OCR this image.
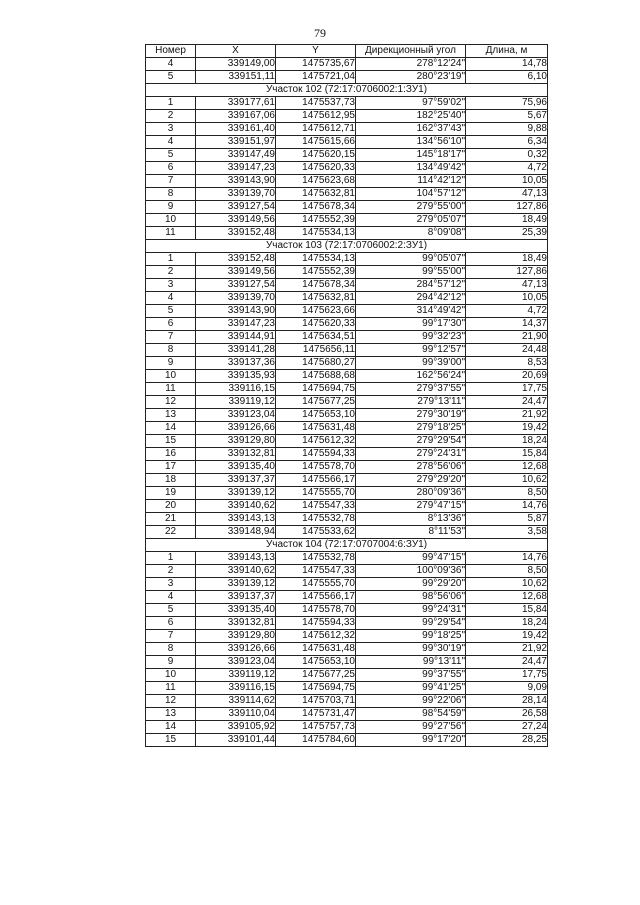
79
Номер	X	Y	Дирекционный угол	Длина, м
4	339149,00	1475735,67	278°12'24"	14,78
5	339151,11	1475721,04	280°23'19"	6,10
Участок 102 (72:17:0706002:1:ЗУ1)				
1	339177,61	1475537,73	97°59'02"	75,96
2	339167,06	1475612,95	182°25'40"	5,67
3	339161,40	1475612,71	162°37'43"	9,88
4	339151,97	1475615,66	134°56'10"	6,34
5	339147,49	1475620,15	145°18'17"	0,32
6	339147,23	1475620,33	134°49'42"	4,72
7	339143,90	1475623,68	114°42'12"	10,05
8	339139,70	1475632,81	104°57'12"	47,13
9	339127,54	1475678,34	279°55'00"	127,86
10	339149,56	1475552,39	279°05'07"	18,49
11	339152,48	1475534,13	8°09'08"	25,39
Участок 103 (72:17:0706002:2:ЗУ1)				
1	339152,48	1475534,13	99°05'07"	18,49
2	339149,56	1475552,39	99°55'00"	127,86
3	339127,54	1475678,34	284°57'12"	47,13
4	339139,70	1475632,81	294°42'12"	10,05
5	339143,90	1475623,66	314°49'42"	4,72
6	339147,23	1475620,33	99°17'30"	14,37
7	339144,91	1475634,51	99°32'23"	21,90
8	339141,28	1475656,11	99°12'57"	24,48
9	339137,36	1475680,27	99°39'00"	8,53
10	339135,93	1475688,68	162°56'24"	20,69
11	339116,15	1475694,75	279°37'55"	17,75
12	339119,12	1475677,25	279°13'11"	24,47
13	339123,04	1475653,10	279°30'19"	21,92
14	339126,66	1475631,48	279°18'25"	19,42
15	339129,80	1475612,32	279°29'54"	18,24
16	339132,81	1475594,33	279°24'31"	15,84
17	339135,40	1475578,70	278°56'06"	12,68
18	339137,37	1475566,17	279°29'20"	10,62
19	339139,12	1475555,70	280°09'36"	8,50
20	339140,62	1475547,33	279°47'15"	14,76
21	339143,13	1475532,78	8°13'36"	5,87
22	339148,94	1475533,62	8°11'53"	3,58
Участок 104 (72:17:0707004:6:ЗУ1)				
1	339143,13	1475532,78	99°47'15"	14,76
2	339140,62	1475547,33	100°09'36"	8,50
3	339139,12	1475555,70	99°29'20"	10,62
4	339137,37	1475566,17	98°56'06"	12,68
5	339135,40	1475578,70	99°24'31"	15,84
6	339132,81	1475594,33	99°29'54"	18,24
7	339129,80	1475612,32	99°18'25"	19,42
8	339126,66	1475631,48	99°30'19"	21,92
9	339123,04	1475653,10	99°13'11"	24,47
10	339119,12	1475677,25	99°37'55"	17,75
11	339116,15	1475694,75	99°41'25"	9,09
12	339114,62	1475703,71	99°22'06"	28,14
13	339110,04	1475731,47	98°54'59"	26,58
14	339105,92	1475757,73	99°27'56"	27,24
15	339101,44	1475784,60	99°17'20"	28,25
